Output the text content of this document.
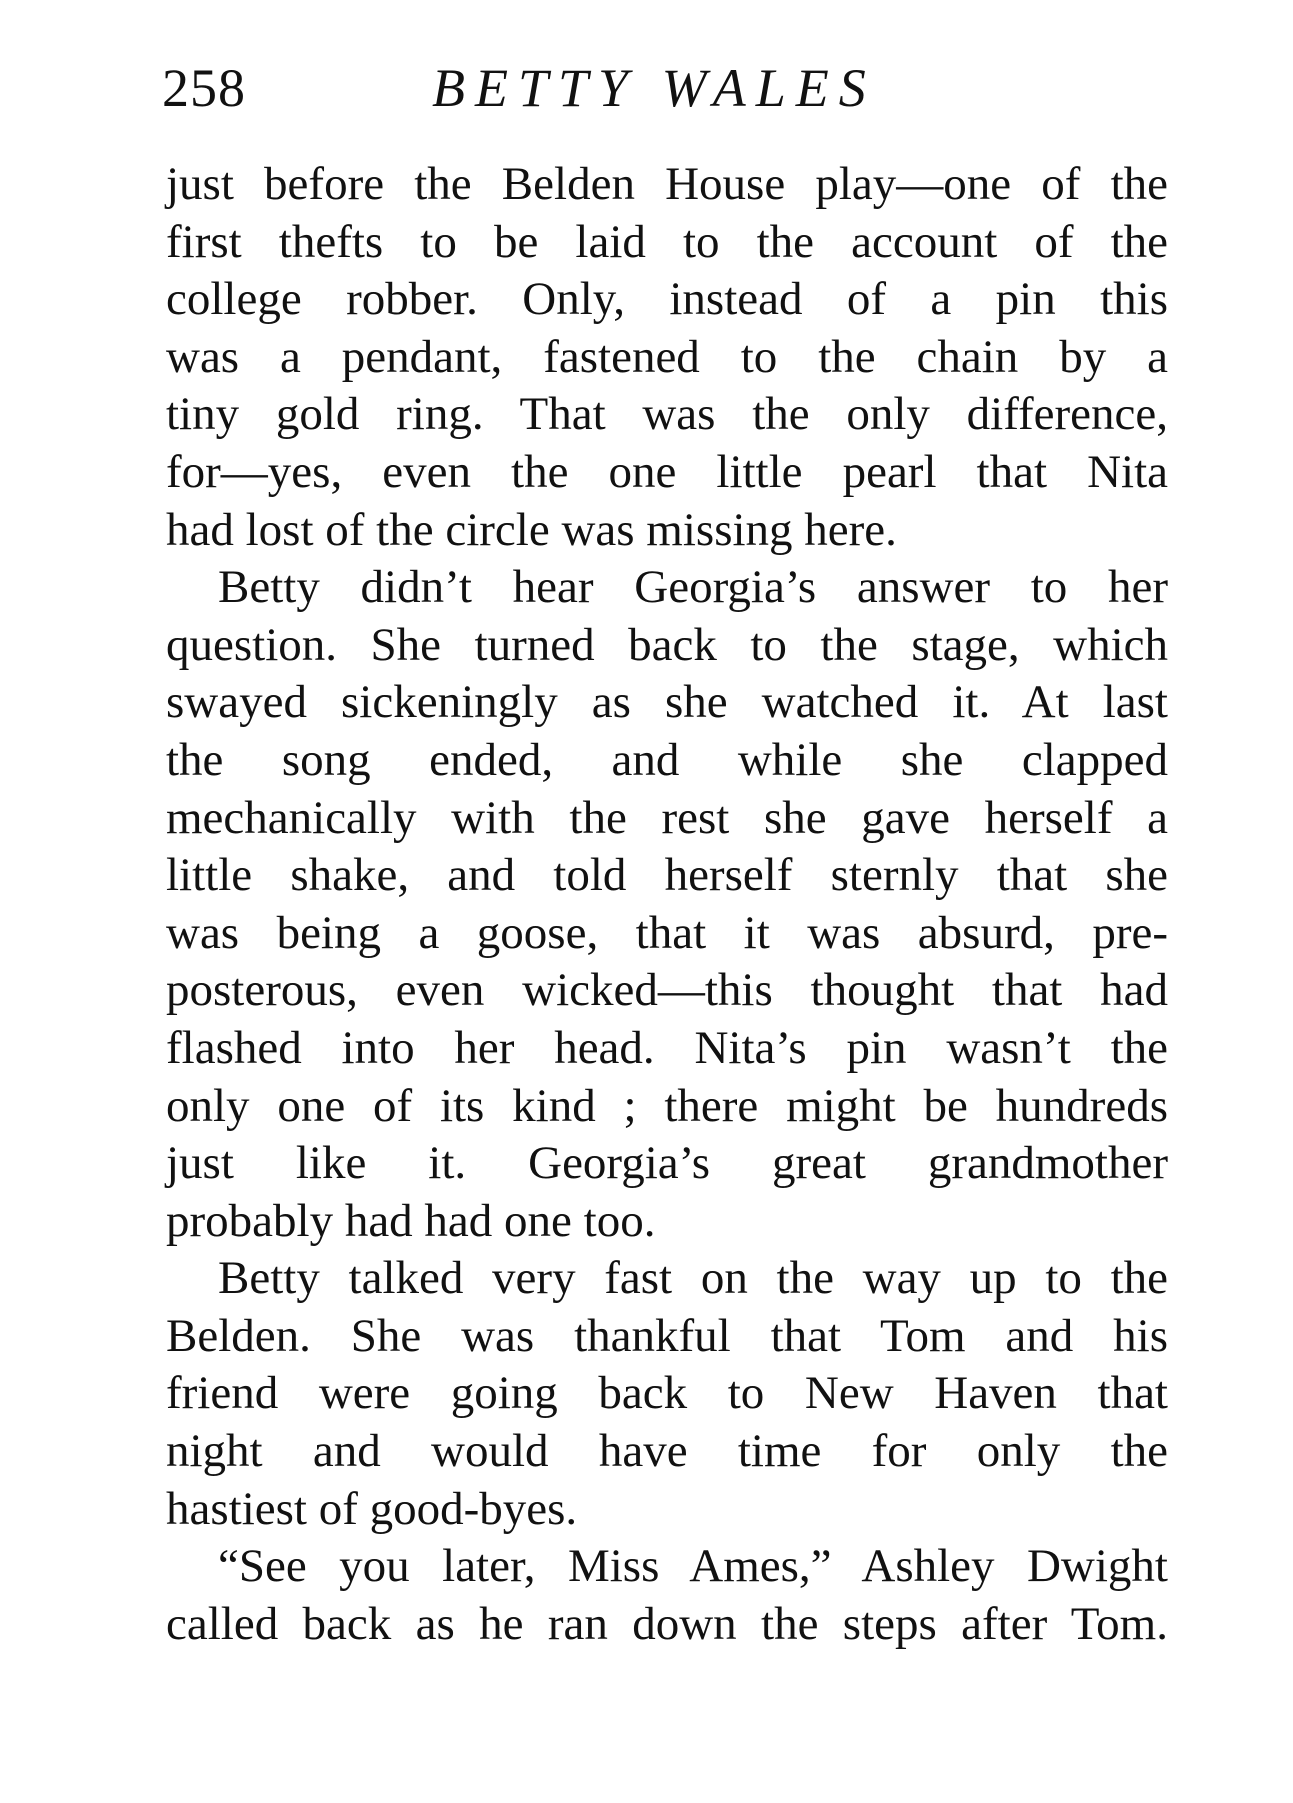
258	BETTY WALES

just before the Belden House play—one of the
first thefts to be laid to the account of the
college robber. Only, instead of a pin this
was a pendant, fastened to the chain by a
tiny gold ring. That was the only difference,
for—yes, even the one little pearl that Nita
had lost of the circle was missing here.

Betty didn’t hear Georgia’s answer to her
question. She turned back to the stage, which
swayed sickeningly as she watched it. At last
the song ended, and while she clapped
mechanically with the rest she gave herself a
little shake, and told herself sternly that she
was being a goose, that it was absurd, pre-
posterous, even wicked—this thought that had
flashed into her head. Nita’s pin wasn’t the
only one of its kind ; there might be hundreds
just like it. Georgia’s great grandmother
probably had had one too.

Betty talked very fast on the way up to the
Belden. She was thankful that Tom and his
friend were going back to New Haven that
night and would have time for only the
hastiest of good-byes.

“See you later, Miss Ames,” Ashley Dwight
called back as he ran down the steps after Tom.
